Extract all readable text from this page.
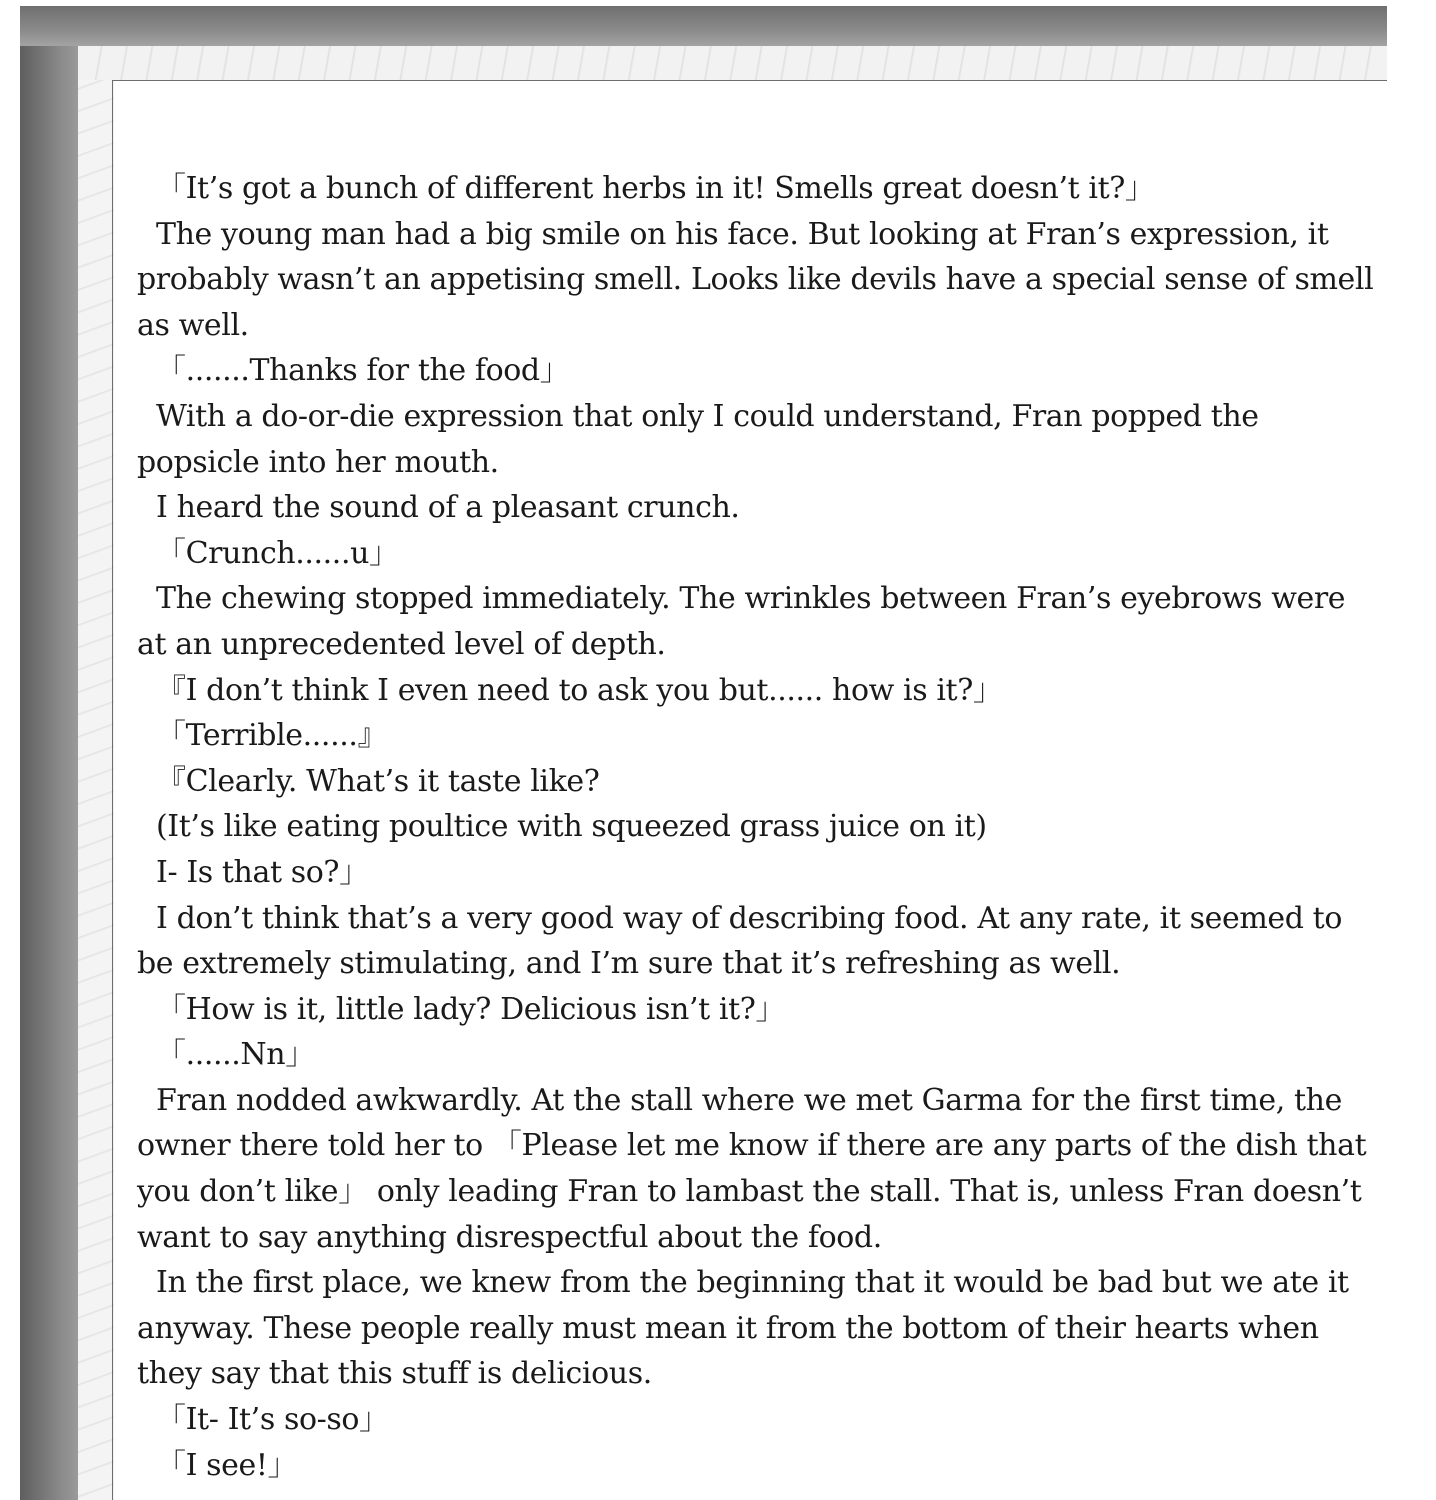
「It’s got a bunch of different herbs in it! Smells great doesn’t it?」

The young man had a big smile on his face. But looking at Fran’s expression, it probably wasn’t an appetising smell. Looks like devils have a special sense of smell as well.

「.......Thanks for the food」

With a do-or-die expression that only I could understand, Fran popped the popsicle into her mouth.

I heard the sound of a pleasant crunch.

「Crunch......u」

The chewing stopped immediately. The wrinkles between Fran’s eyebrows were at an unprecedented level of depth.

『I don’t think I even need to ask you but...... how is it?」

「Terrible......』

『Clearly. What’s it taste like?

(It’s like eating poultice with squeezed grass juice on it)

I- Is that so?」

I don’t think that’s a very good way of describing food. At any rate, it seemed to be extremely stimulating, and I’m sure that it’s refreshing as well.

「How is it, little lady? Delicious isn’t it?」

「......Nn」

Fran nodded awkwardly. At the stall where we met Garma for the first time, the owner there told her to 「Please let me know if there are any parts of the dish that you don’t like」 only leading Fran to lambast the stall. That is, unless Fran doesn’t want to say anything disrespectful about the food.

In the first place, we knew from the beginning that it would be bad but we ate it anyway. These people really must mean it from the bottom of their hearts when they say that this stuff is delicious.

「It- It’s so-so」

「I see!」
